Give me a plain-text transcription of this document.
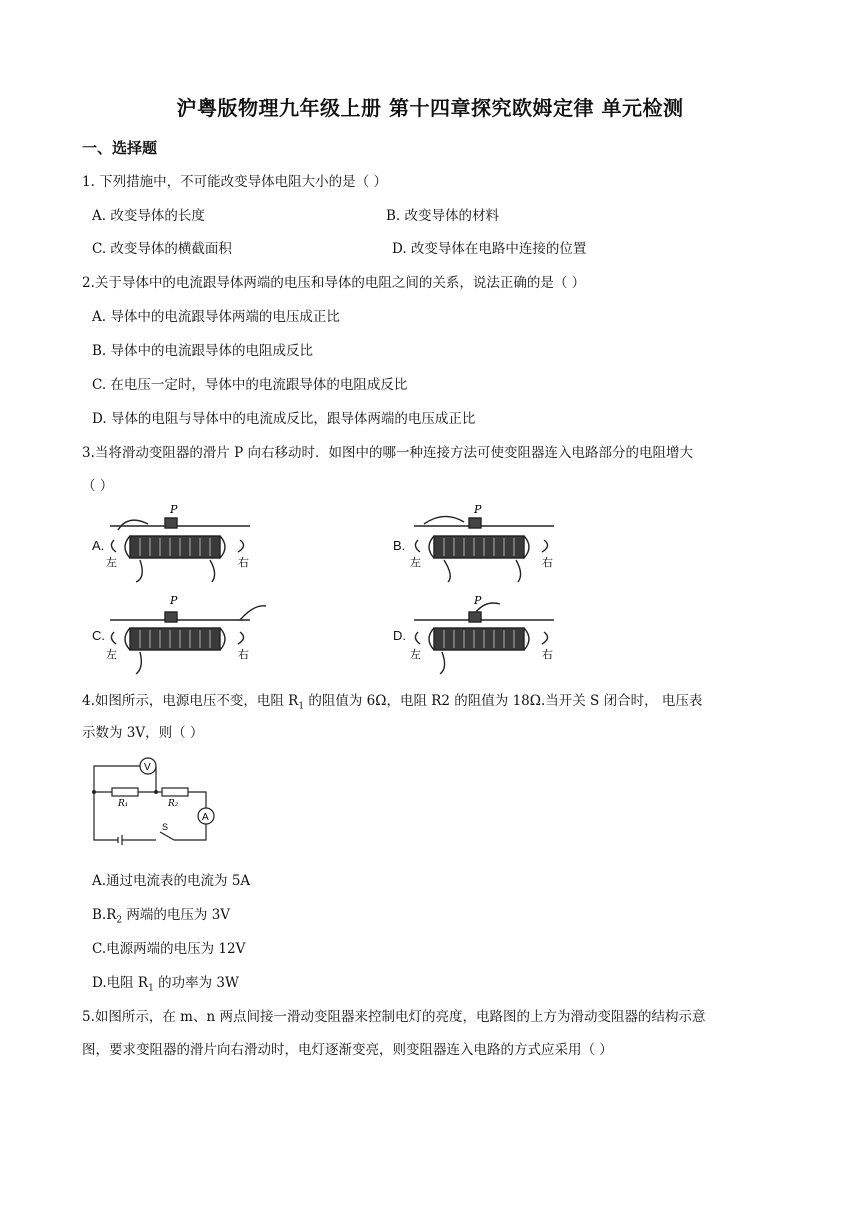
沪粤版物理九年级上册 第十四章探究欧姆定律 单元检测
一、选择题
1. 下列措施中，不可能改变导体电阻大小的是（ ）
A. 改变导体的长度	B. 改变导体的材料
C. 改变导体的横截面积	D. 改变导体在电路中连接的位置
2.关于导体中的电流跟导体两端的电压和导体的电阻之间的关系，说法正确的是（ ）
A. 导体中的电流跟导体两端的电压成正比
B. 导体中的电流跟导体的电阻成反比
C. 在电压一定时，导体中的电流跟导体的电阻成反比
D. 导体的电阻与导体中的电流成反比，跟导体两端的电压成正比
3.当将滑动变阻器的滑片 P 向右移动时．如图中的哪一种连接方法可使变阻器连入电路部分的电阻增大
（ ）
P
左	右
A.
P
左	右
B.
P
左	右
C.
P
左	右
D.
4.如图所示，电源电压不变，电阻 $R_1$ 的阻值为 6Ω，电阻 R2 的阻值为 18Ω.当开关 S 闭合时， 电压表
示数为 3V，则（ ）
V
A
R₁	R₂
S
A.通过电流表的电流为 5A
$B.R_2$ 两端的电压为 3V
C.电源两端的电压为 12V
D.电阻 $R_1$ 的功率为 3W
5.如图所示，在 m、n 两点间接一滑动变阻器来控制电灯的亮度，电路图的上方为滑动变阻器的结构示意
图，要求变阻器的滑片向右滑动时，电灯逐渐变亮，则变阻器连入电路的方式应采用（ ）
